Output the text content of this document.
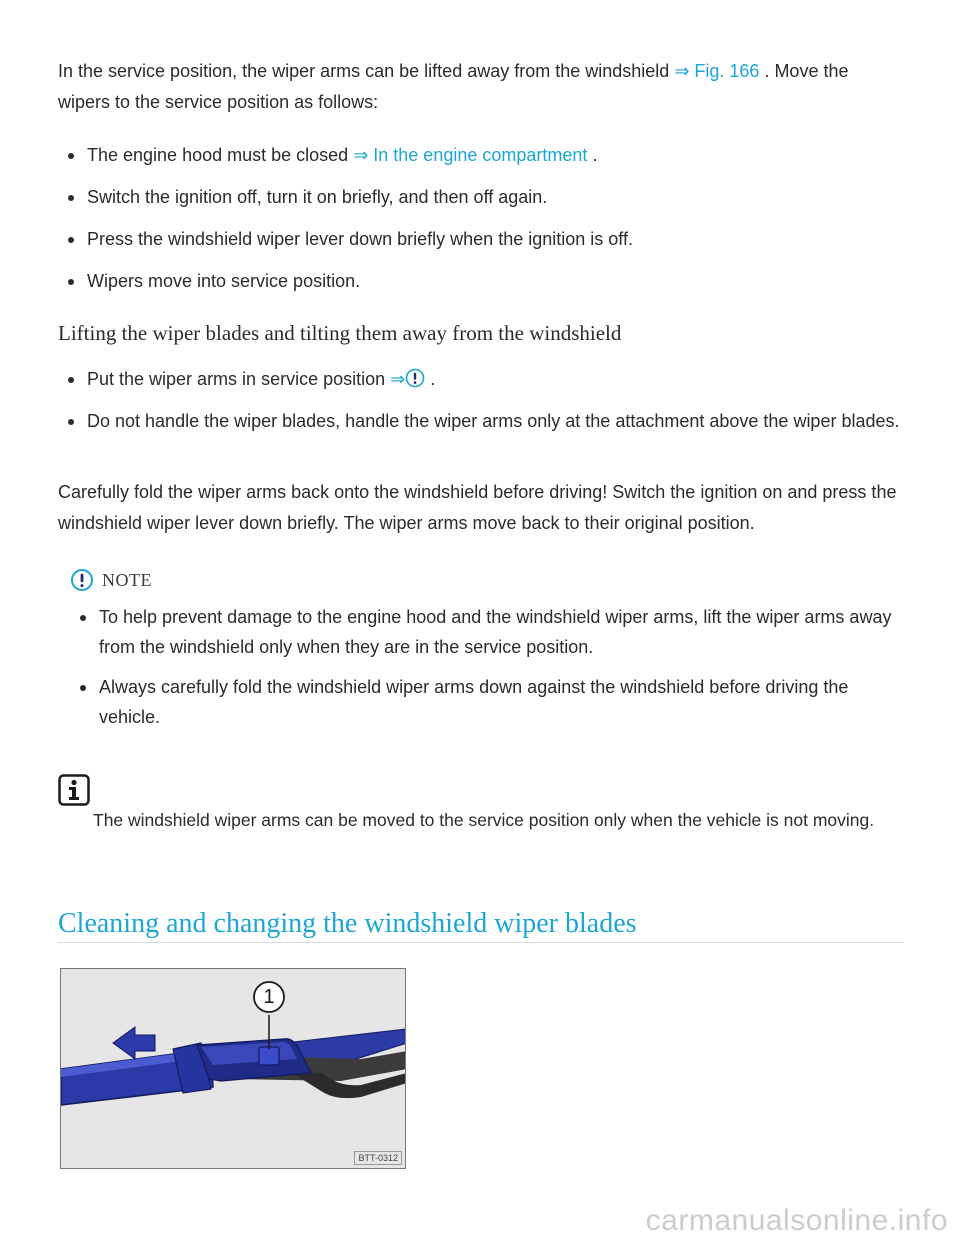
In the service position, the wiper arms can be lifted away from the windshield ⇒ Fig. 166 . Move the wipers to the service position as follows:

The engine hood must be closed ⇒ In the engine compartment .
Switch the ignition off, turn it on briefly, and then off again.
Press the windshield wiper lever down briefly when the ignition is off.
Wipers move into service position.
Lifting the wiper blades and tilting them away from the windshield
Put the wiper arms in service position ⇒ .
Do not handle the wiper blades, handle the wiper arms only at the attachment above the wiper blades.

Carefully fold the wiper arms back onto the windshield before driving! Switch the ignition on and press the windshield wiper lever down briefly. The wiper arms move back to their original position.

NOTE
To help prevent damage to the engine hood and the windshield wiper arms, lift the wiper arms away from the windshield only when they are in the service position.
Always carefully fold the windshield wiper arms down against the windshield before driving the vehicle.

The windshield wiper arms can be moved to the service position only when the vehicle is not moving.

Cleaning and changing the windshield wiper blades
1
BTT-0312
carmanualsonline.info
